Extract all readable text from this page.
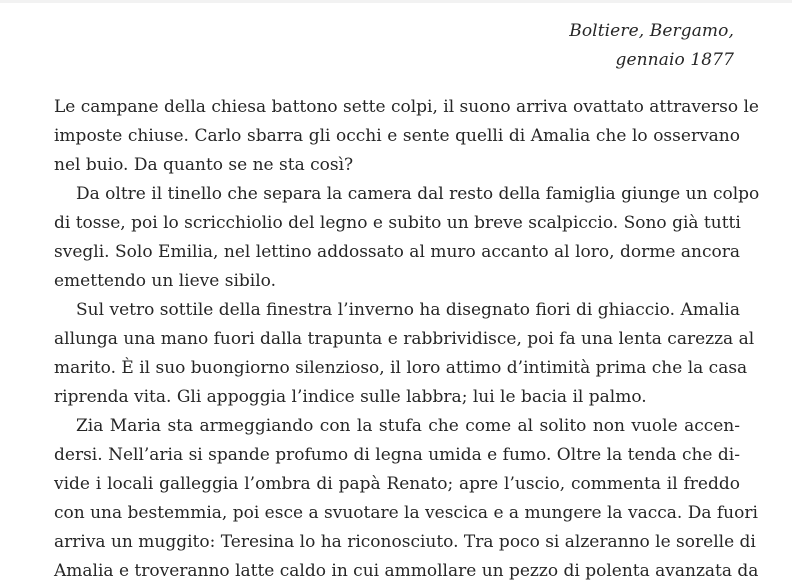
Boltiere, Bergamo,
gennaio 1877
Le campane della chiesa battono sette colpi, il suono arriva ovattato attraverso le
imposte chiuse. Carlo sbarra gli occhi e sente quelli di Amalia che lo osservano
nel buio. Da quanto se ne sta così?
Da oltre il tinello che separa la camera dal resto della famiglia giunge un colpo
di tosse, poi lo scricchiolio del legno e subito un breve scalpiccio. Sono già tutti
svegli. Solo Emilia, nel lettino addossato al muro accanto al loro, dorme ancora
emettendo un lieve sibilo.
Sul vetro sottile della finestra l’inverno ha disegnato fiori di ghiaccio. Amalia
allunga una mano fuori dalla trapunta e rabbrividisce, poi fa una lenta carezza al
marito. È il suo buongiorno silenzioso, il loro attimo d’intimità prima che la casa
riprenda vita. Gli appoggia l’indice sulle labbra; lui le bacia il palmo.
Zia Maria sta armeggiando con la stufa che come al solito non vuole accen-
dersi. Nell’aria si spande profumo di legna umida e fumo. Oltre la tenda che di-
vide i locali galleggia l’ombra di papà Renato; apre l’uscio, commenta il freddo
con una bestemmia, poi esce a svuotare la vescica e a mungere la vacca. Da fuori
arriva un muggito: Teresina lo ha riconosciuto. Tra poco si alzeranno le sorelle di
Amalia e troveranno latte caldo in cui ammollare un pezzo di polenta avanzata da
